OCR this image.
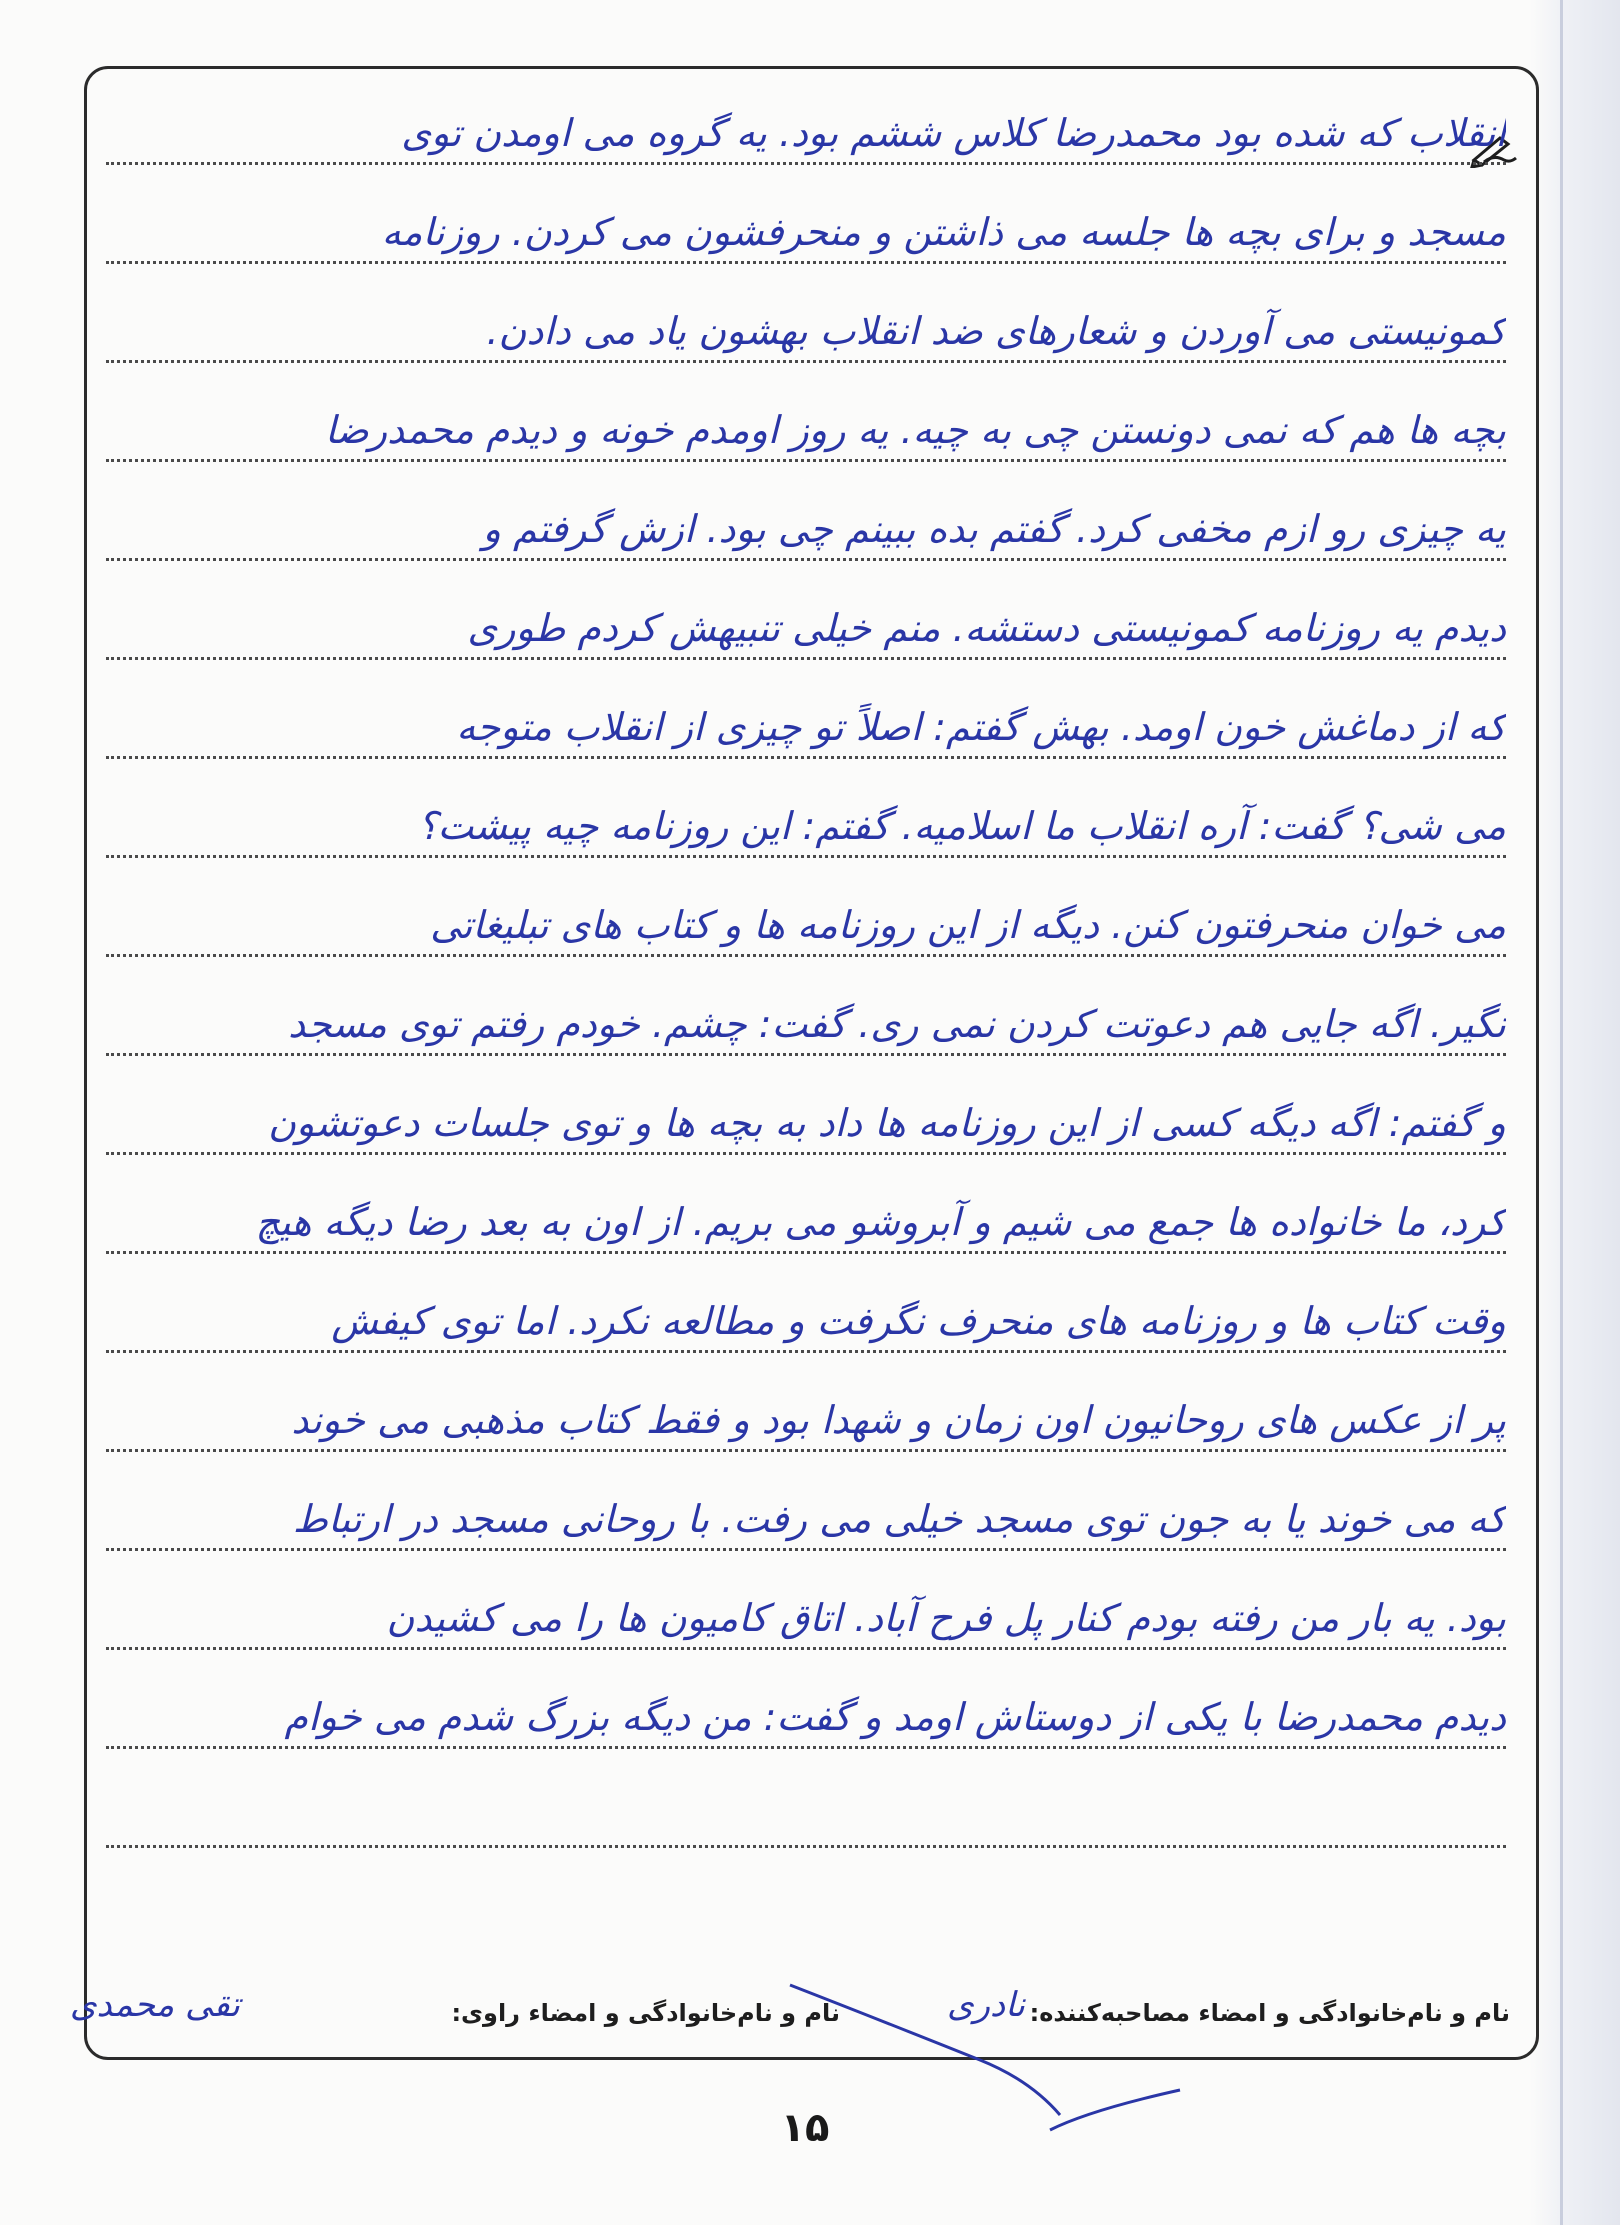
انقلاب که شده بود محمدرضا کلاس ششم بود. یه گروه می اومدن توی
مسجد و برای بچه ها جلسه می ذاشتن و منحرفشون می کردن. روزنامه
کمونیستی می آوردن و شعارهای ضد انقلاب بهشون یاد می دادن.
بچه ها هم که نمی دونستن چی به چیه. یه روز اومدم خونه و دیدم محمدرضا
یه چیزی رو ازم مخفی کرد. گفتم بده ببینم چی بود. ازش گرفتم و
دیدم یه روزنامه کمونیستی دستشه. منم خیلی تنبیهش کردم طوری
که از دماغش خون اومد. بهش گفتم: اصلاً تو چیزی از انقلاب متوجه
می شی؟ گفت: آره انقلاب ما اسلامیه. گفتم: این روزنامه چیه پیشت؟
می خوان منحرفتون کنن. دیگه از این روزنامه ها و کتاب های تبلیغاتی
نگیر. اگه جایی هم دعوتت کردن نمی ری. گفت: چشم. خودم رفتم توی مسجد
و گفتم: اگه دیگه کسی از این روزنامه ها داد به بچه ها و توی جلسات دعوتشون
کرد، ما خانواده ها جمع می شیم و آبروشو می بریم. از اون به بعد رضا دیگه هیچ
وقت کتاب ها و روزنامه های منحرف نگرفت و مطالعه نکرد. اما توی کیفش
پر از عکس های روحانیون اون زمان و شهدا بود و فقط کتاب مذهبی می خوند
که می خوند یا به جون توی مسجد خیلی می رفت. با روحانی مسجد در ارتباط
بود. یه بار من رفته بودم کنار پل فرح آباد. اتاق کامیون ها را می کشیدن
دیدم محمدرضا با یکی از دوستاش اومد و گفت: من دیگه بزرگ شدم می خوام
نام و نام‌خانوادگی و امضاء مصاحبه‌کننده:
نادری
نام و نام‌خانوادگی و امضاء راوی:
تقی محمدی
۱۵
